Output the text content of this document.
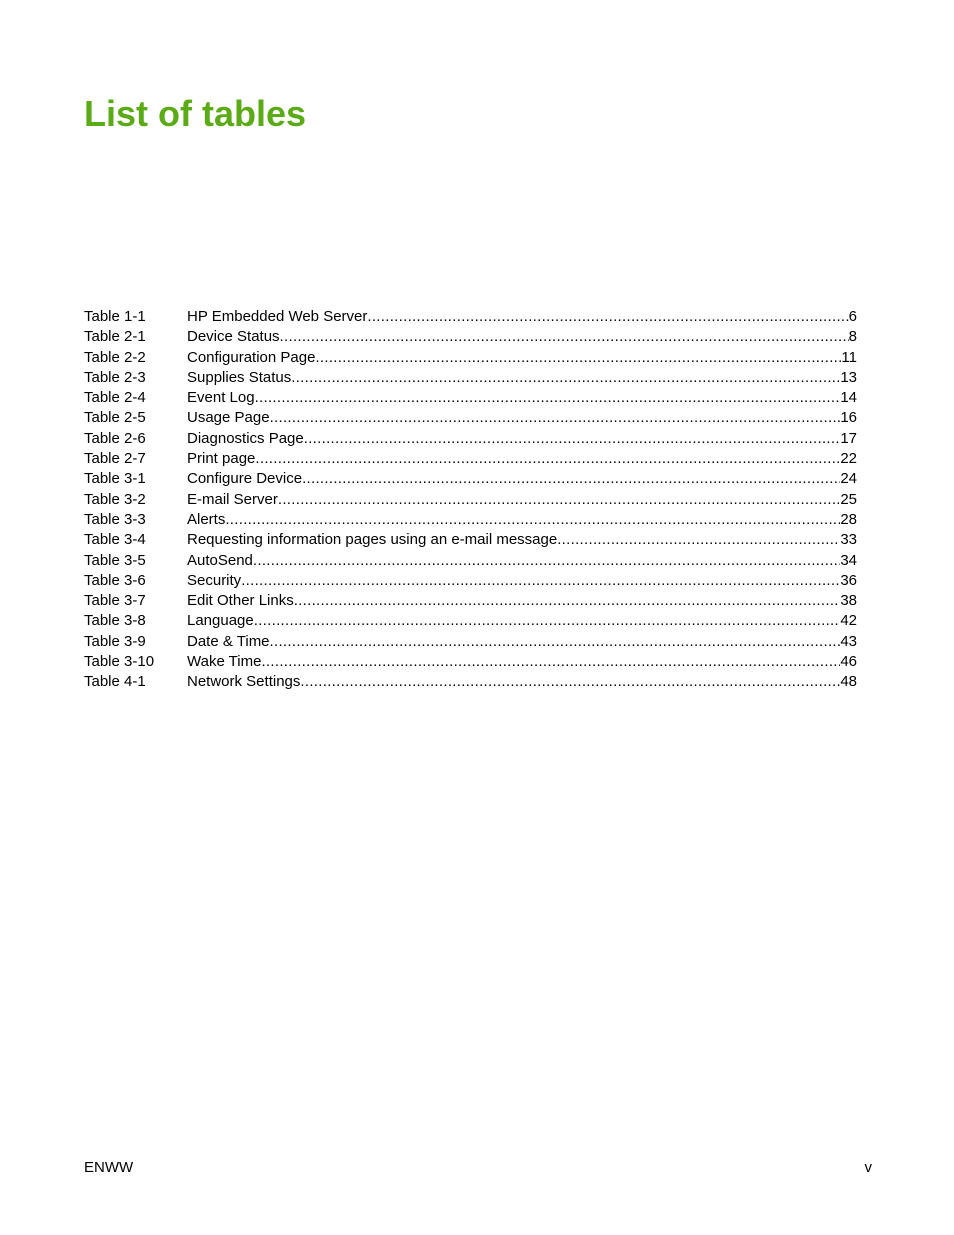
List of tables
Table 1-1	HP Embedded Web Server .....	6
Table 2-1	Device Status .....	8
Table 2-2	Configuration Page .....	11
Table 2-3	Supplies Status .....	13
Table 2-4	Event Log .....	14
Table 2-5	Usage Page .....	16
Table 2-6	Diagnostics Page .....	17
Table 2-7	Print page .....	22
Table 3-1	Configure Device .....	24
Table 3-2	E-mail Server .....	25
Table 3-3	Alerts .....	28
Table 3-4	Requesting information pages using an e-mail message .....	33
Table 3-5	AutoSend .....	34
Table 3-6	Security .....	36
Table 3-7	Edit Other Links .....	38
Table 3-8	Language .....	42
Table 3-9	Date & Time .....	43
Table 3-10	Wake Time .....	46
Table 4-1	Network Settings .....	48
ENWW	v
